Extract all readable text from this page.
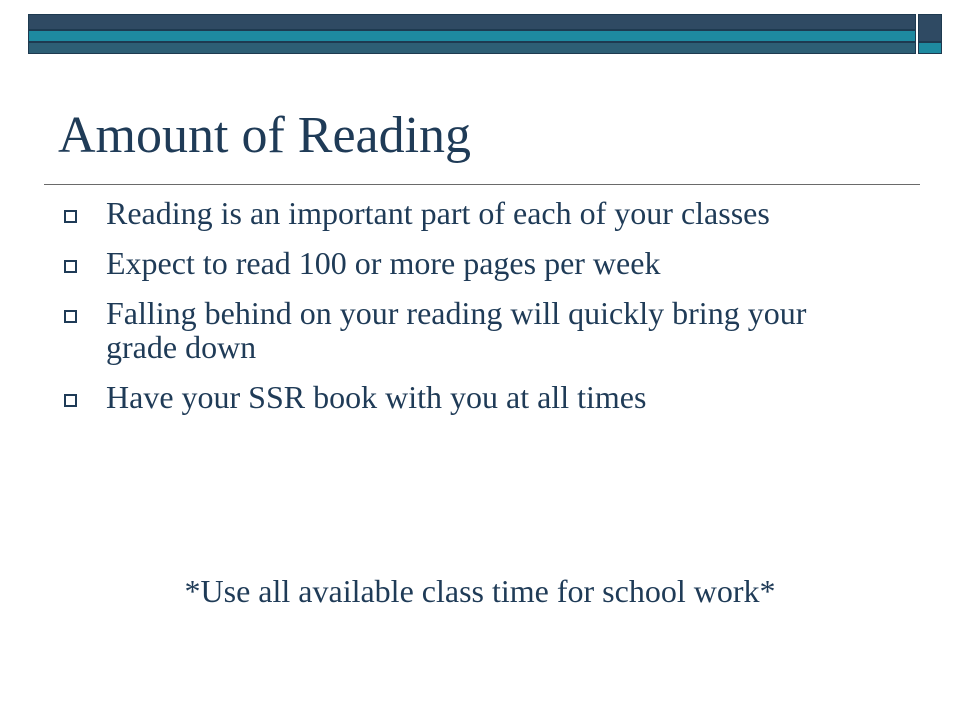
Amount of Reading
Reading is an important part of each of your classes
Expect to read 100 or more pages per week
Falling behind on your reading will quickly bring your grade down
Have your SSR book with you at all times

*Use all available class time for school work*
